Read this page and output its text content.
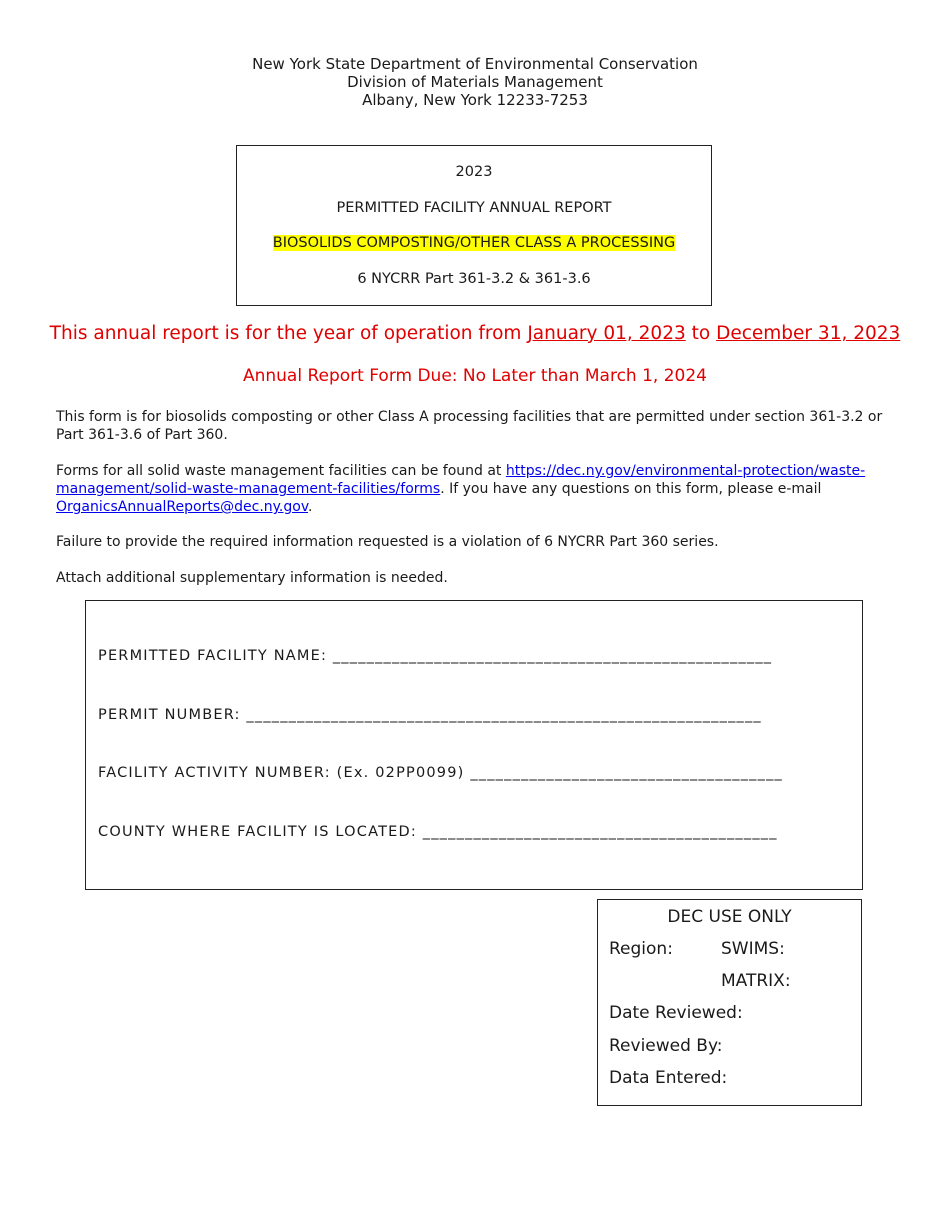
New York State Department of Environmental Conservation
Division of Materials Management
Albany, New York 12233-7253
2023
PERMITTED FACILITY ANNUAL REPORT
BIOSOLIDS COMPOSTING/OTHER CLASS A PROCESSING
6 NYCRR Part 361-3.2 & 361-3.6
This annual report is for the year of operation from January 01, 2023 to December 31, 2023
Annual Report Form Due: No Later than March 1, 2024
This form is for biosolids composting or other Class A processing facilities that are permitted under section 361-3.2 or Part 361-3.6 of Part 360.
Forms for all solid waste management facilities can be found at https://dec.ny.gov/environmental-protection/waste-management/solid-waste-management-facilities/forms. If you have any questions on this form, please e-mail OrganicsAnnualReports@dec.ny.gov.
Failure to provide the required information requested is a violation of 6 NYCRR Part 360 series.
Attach additional supplementary information is needed.
PERMITTED FACILITY NAME: ____________________________________________________
PERMIT NUMBER: _____________________________________________________________
FACILITY ACTIVITY NUMBER: (Ex. 02PP0099) _____________________________________
COUNTY WHERE FACILITY IS LOCATED: __________________________________________
DEC USE ONLY
Region:	SWIMS:
MATRIX:
Date Reviewed:
Reviewed By:
Data Entered:
